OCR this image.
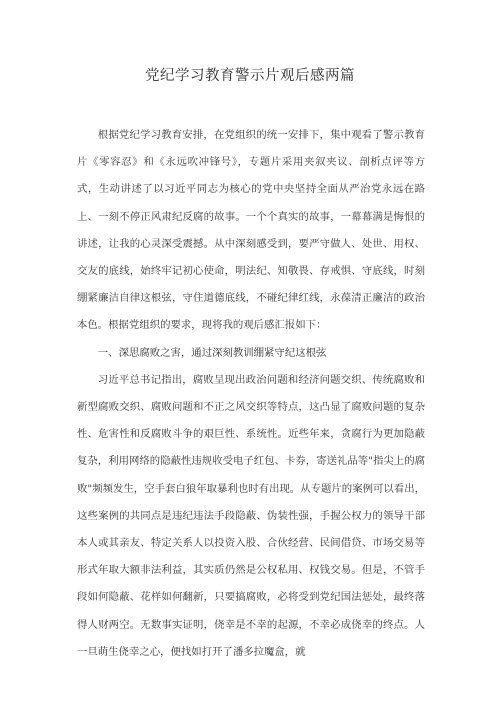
党纪学习教育警示片观后感两篇

根据党纪学习教育安排，在党组织的统一安排下，集中观看了警示教育片《零容忍》和《永远吹冲锋号》，专题片采用夹叙夹议、剖析点评等方式，生动讲述了以习近平同志为核心的党中央坚持全面从严治党永远在路上、一刻不停正风肃纪反腐的故事。一个个真实的故事，一幕幕满是悔恨的讲述，让我的心灵深受震撼。从中深刻感受到，要严守做人、处世、用权、交友的底线，始终牢记初心使命，明法纪、知敬畏、存戒惧、守底线，时刻绷紧廉洁自律这根弦，守住道德底线，不碰纪律红线，永葆清正廉洁的政治本色。根据党组织的要求，现将我的观后感汇报如下：

一、深思腐败之害，通过深刻教训绷紧守纪这根弦

习近平总书记指出，腐败呈现出政治问题和经济问题交织、传统腐败和新型腐败交织、腐败问题和不正之风交织等特点，这凸显了腐败问题的复杂性、危害性和反腐败斗争的艰巨性、系统性。近些年来，贪腐行为更加隐蔽复杂，利用网络的隐蔽性违规收受电子红包、卡券，寄送礼品等"指尖上的腐败"频频发生，空手套白狼年取暴利也时有出现。从专题片的案例可以看出，这些案例的共同点是违纪违法手段隐蔽、伪装性强，手握公权力的领导干部本人或其亲友、特定关系人以投资入股、合伙经营、民间借贷、市场交易等形式年取大额非法利益，其实质仍然是公权私用、权钱交易。但是，不管手段如何隐蔽、花样如何翻新，只要搞腐败，必将受到党纪国法惩处，最终落得人财两空。无数事实证明，侥幸是不幸的起源，不幸必成侥幸的终点。人一旦萌生侥幸之心，便找如打开了潘多拉魔盒，就
